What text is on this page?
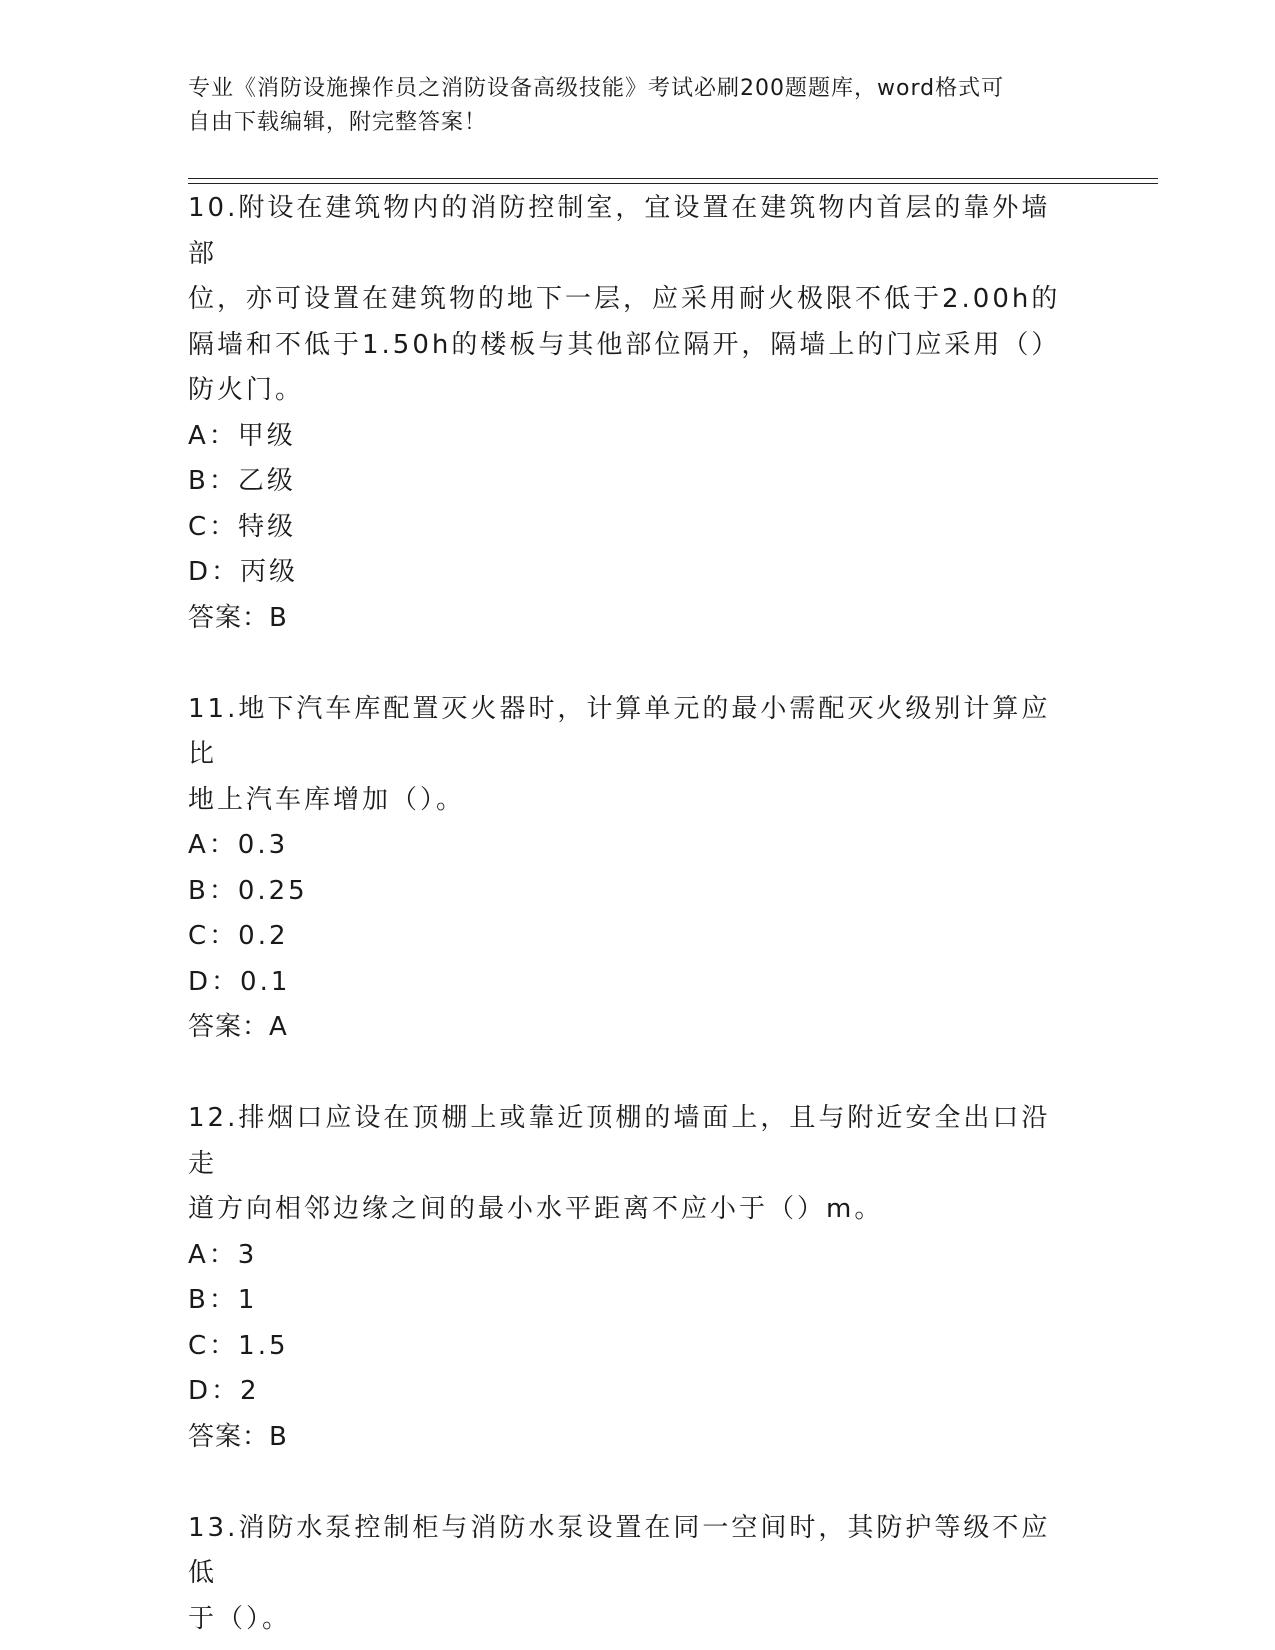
专业《消防设施操作员之消防设备高级技能》考试必刷200题题库，word格式可
自由下载编辑，附完整答案！
10.附设在建筑物内的消防控制室，宜设置在建筑物内首层的靠外墙部
位，亦可设置在建筑物的地下一层，应采用耐火极限不低于2.00h的
隔墙和不低于1.50h的楼板与其他部位隔开，隔墙上的门应采用（）
防火门。
A：甲级
B：乙级
C：特级
D：丙级
答案：B
11.地下汽车库配置灭火器时，计算单元的最小需配灭火级别计算应比
地上汽车库增加（）。
A：0.3
B：0.25
C：0.2
D：0.1
答案：A
12.排烟口应设在顶棚上或靠近顶棚的墙面上，且与附近安全出口沿走
道方向相邻边缘之间的最小水平距离不应小于（）m。
A：3
B：1
C：1.5
D：2
答案：B
13.消防水泵控制柜与消防水泵设置在同一空间时，其防护等级不应低
于（）。
